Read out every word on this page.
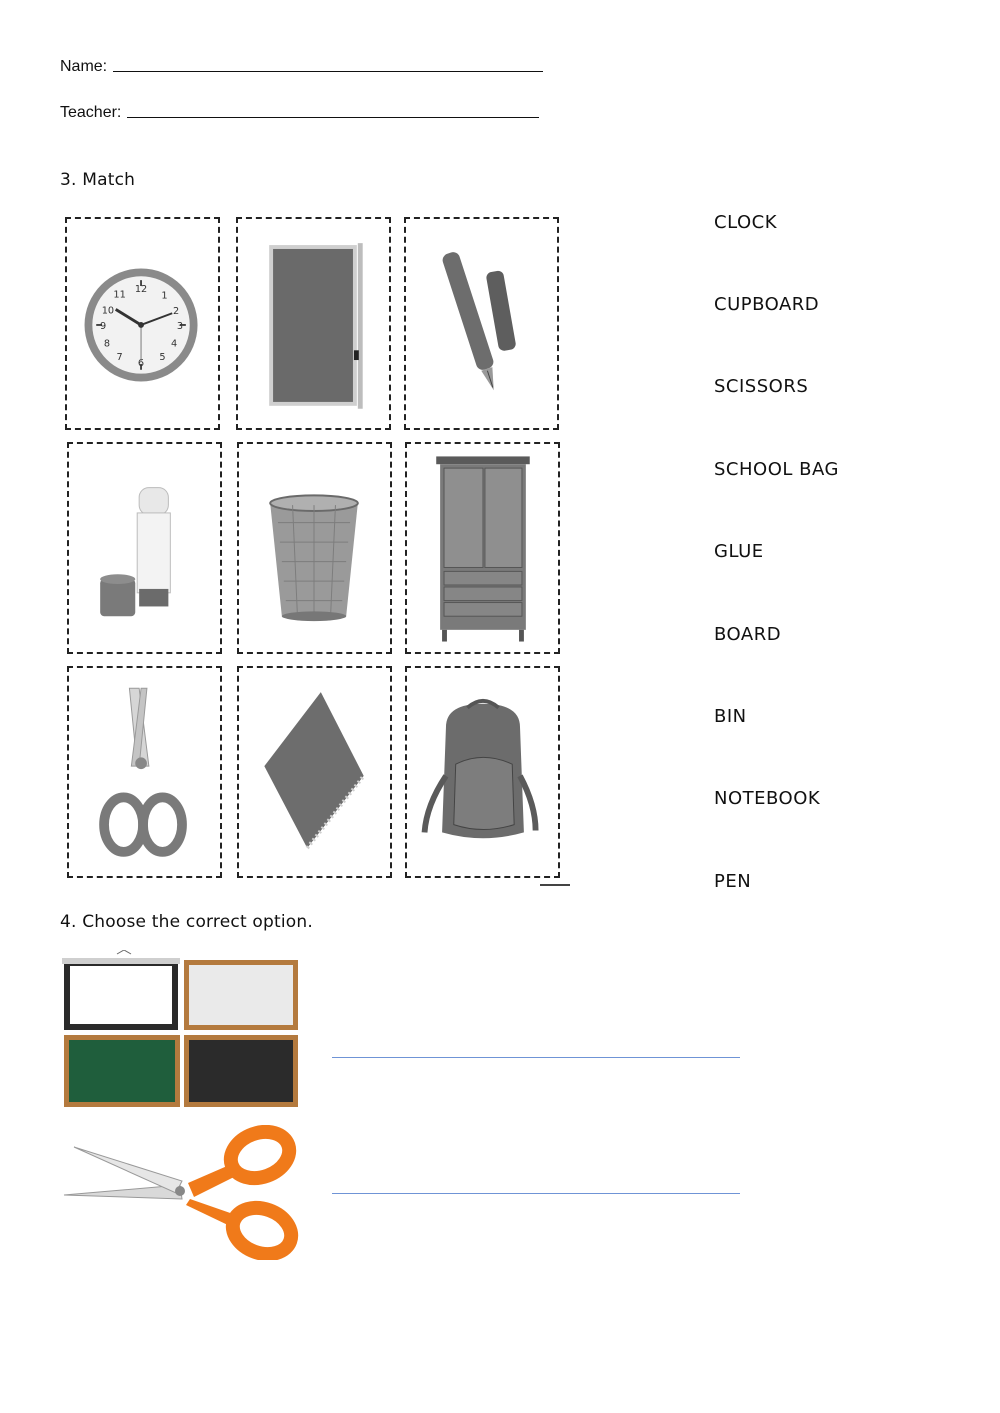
Name:
Teacher:
3. Match
12
1
2
3
4
5
6
7
8
9
10
11
CLOCK
CUPBOARD
SCISSORS
SCHOOL BAG
GLUE
BOARD
BIN
NOTEBOOK
PEN
4. Choose the correct option.
